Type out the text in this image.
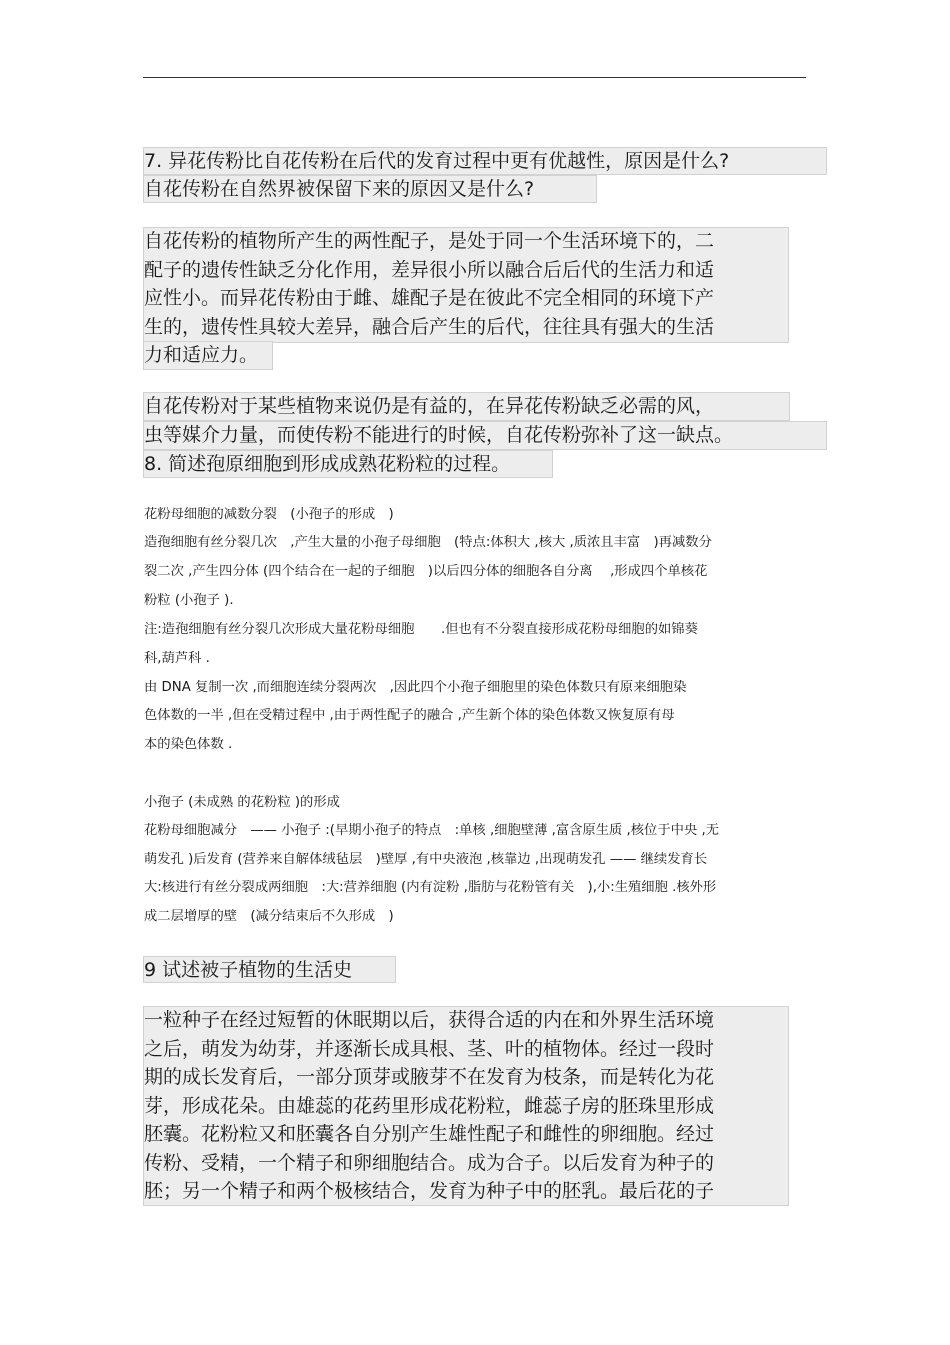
7. 异花传粉比自花传粉在后代的发育过程中更有优越性，原因是什么?
自花传粉在自然界被保留下来的原因又是什么?
自花传粉的植物所产生的两性配子，是处于同一个生活环境下的，二
配子的遗传性缺乏分化作用，差异很小所以融合后后代的生活力和适
应性小。而异花传粉由于雌、雄配子是在彼此不完全相同的环境下产
生的，遗传性具较大差异，融合后产生的后代，往往具有强大的生活
力和适应力。
自花传粉对于某些植物来说仍是有益的，在异花传粉缺乏必需的风，
虫等媒介力量，而使传粉不能进行的时候，自花传粉弥补了这一缺点。
8. 简述孢原细胞到形成成熟花粉粒的过程。
花粉母细胞的减数分裂　(小孢子的形成　)
造孢细胞有丝分裂几次　,产生大量的小孢子母细胞　(特点:体积大 ,核大 ,质浓且丰富　)再减数分
裂二次 ,产生四分体 (四个结合在一起的子细胞　)以后四分体的细胞各自分离　 ,形成四个单核花
粉粒 (小孢子 ).
注:造孢细胞有丝分裂几次形成大量花粉母细胞　　.但也有不分裂直接形成花粉母细胞的如锦葵
科,葫芦科 .
由 DNA 复制一次 ,而细胞连续分裂两次　,因此四个小孢子细胞里的染色体数只有原来细胞染
色体数的一半 ,但在受精过程中 ,由于两性配子的融合 ,产生新个体的染色体数又恢复原有母
本的染色体数 .
小孢子 (未成熟 的花粉粒 )的形成
花粉母细胞减分　—— 小孢子 :(早期小孢子的特点　:单核 ,细胞壁薄 ,富含原生质 ,核位于中央 ,无
萌发孔 )后发育 (营养来自解体绒毡层　)壁厚 ,有中央液泡 ,核靠边 ,出现萌发孔 —— 继续发育长
大:核进行有丝分裂成两细胞　:大:营养细胞 (内有淀粉 ,脂肪与花粉管有关　),小:生殖细胞 .核外形
成二层增厚的壁　(减分结束后不久形成　)
9 试述被子植物的生活史
一粒种子在经过短暂的休眠期以后，获得合适的内在和外界生活环境
之后，萌发为幼芽，并逐渐长成具根、茎、叶的植物体。经过一段时
期的成长发育后，一部分顶芽或腋芽不在发育为枝条，而是转化为花
芽，形成花朵。由雄蕊的花药里形成花粉粒，雌蕊子房的胚珠里形成
胚囊。花粉粒又和胚囊各自分别产生雄性配子和雌性的卵细胞。经过
传粉、受精，一个精子和卵细胞结合。成为合子。以后发育为种子的
胚；另一个精子和两个极核结合，发育为种子中的胚乳。最后花的子
